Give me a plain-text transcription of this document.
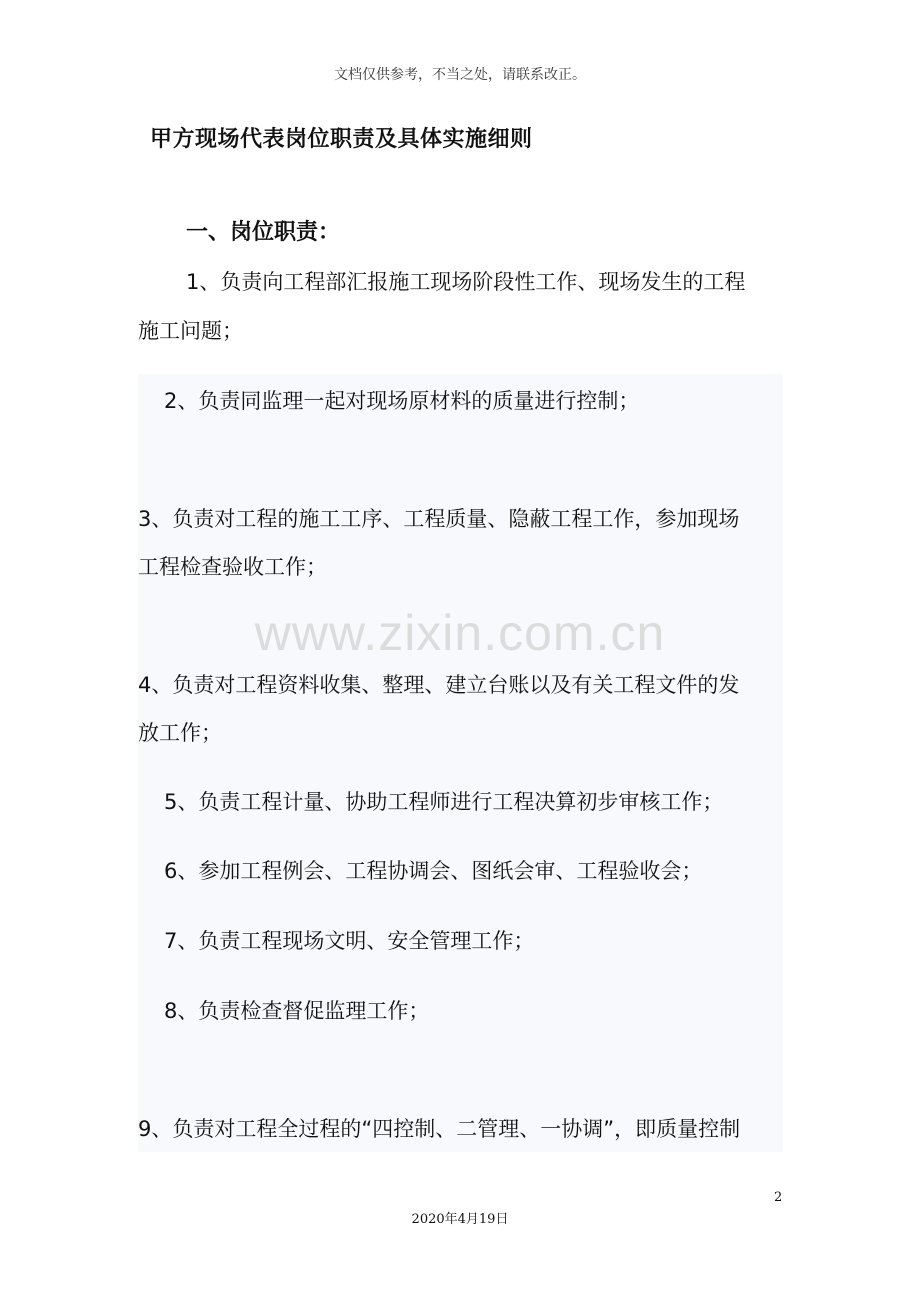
文档仅供参考，不当之处，请联系改正。
甲方现场代表岗位职责及具体实施细则
www.zixin.com.cn
一、岗位职责：
1、负责向工程部汇报施工现场阶段性工作、现场发生的工程
施工问题；
2、负责同监理一起对现场原材料的质量进行控制；
3、负责对工程的施工工序、工程质量、隐蔽工程工作，参加现场
工程检查验收工作；
4、负责对工程资料收集、整理、建立台账以及有关工程文件的发
放工作；
5、负责工程计量、协助工程师进行工程决算初步审核工作；
6、参加工程例会、工程协调会、图纸会审、工程验收会；
7、负责工程现场文明、安全管理工作；
8、负责检查督促监理工作；
9、负责对工程全过程的“四控制、二管理、一协调”，即质量控制
2
2020年4月19日
